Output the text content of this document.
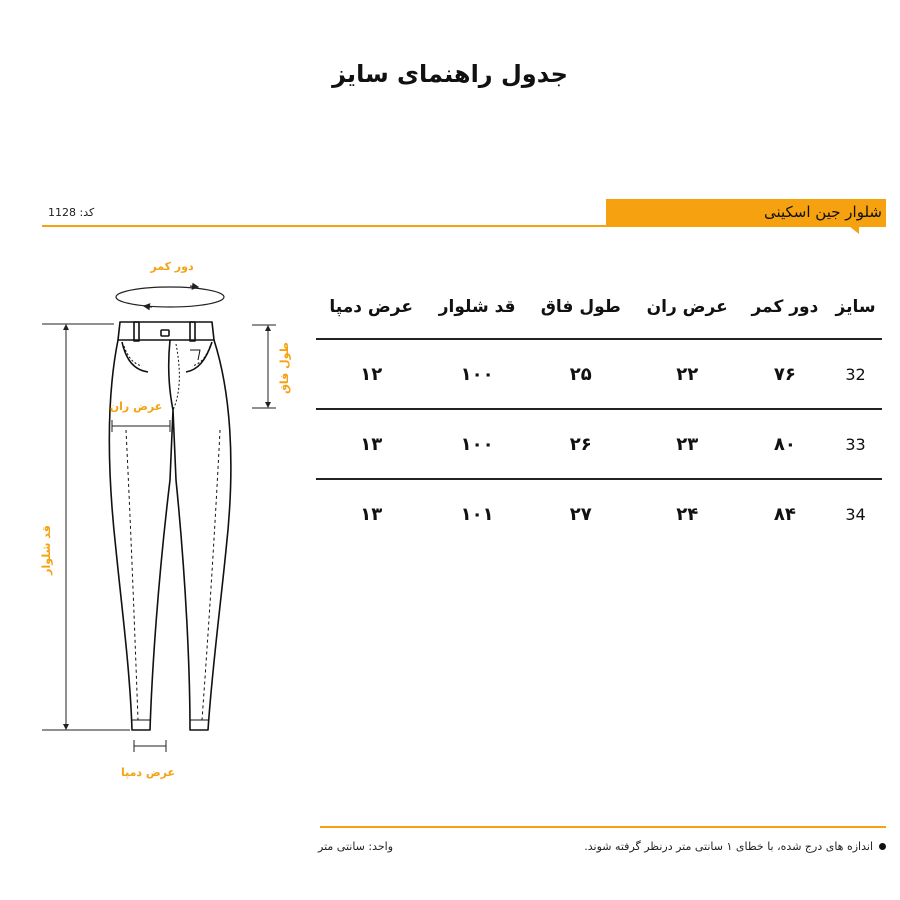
جدول راهنمای سایز
شلوار جین اسکینی
کد: 1128
دور کمر
طول فاق
عرض ران
قد شلوار
عرض دمپا
سایز	دور کمر	عرض ران	طول فاق	قد شلوار	عرض دمپا
32	۷۶	۲۲	۲۵	۱۰۰	۱۲
33	۸۰	۲۳	۲۶	۱۰۰	۱۳
34	۸۴	۲۴	۲۷	۱۰۱	۱۳
اندازه های درج شده، با خطای ۱ سانتی متر درنظر گرفته شوند.
واحد: سانتی متر
